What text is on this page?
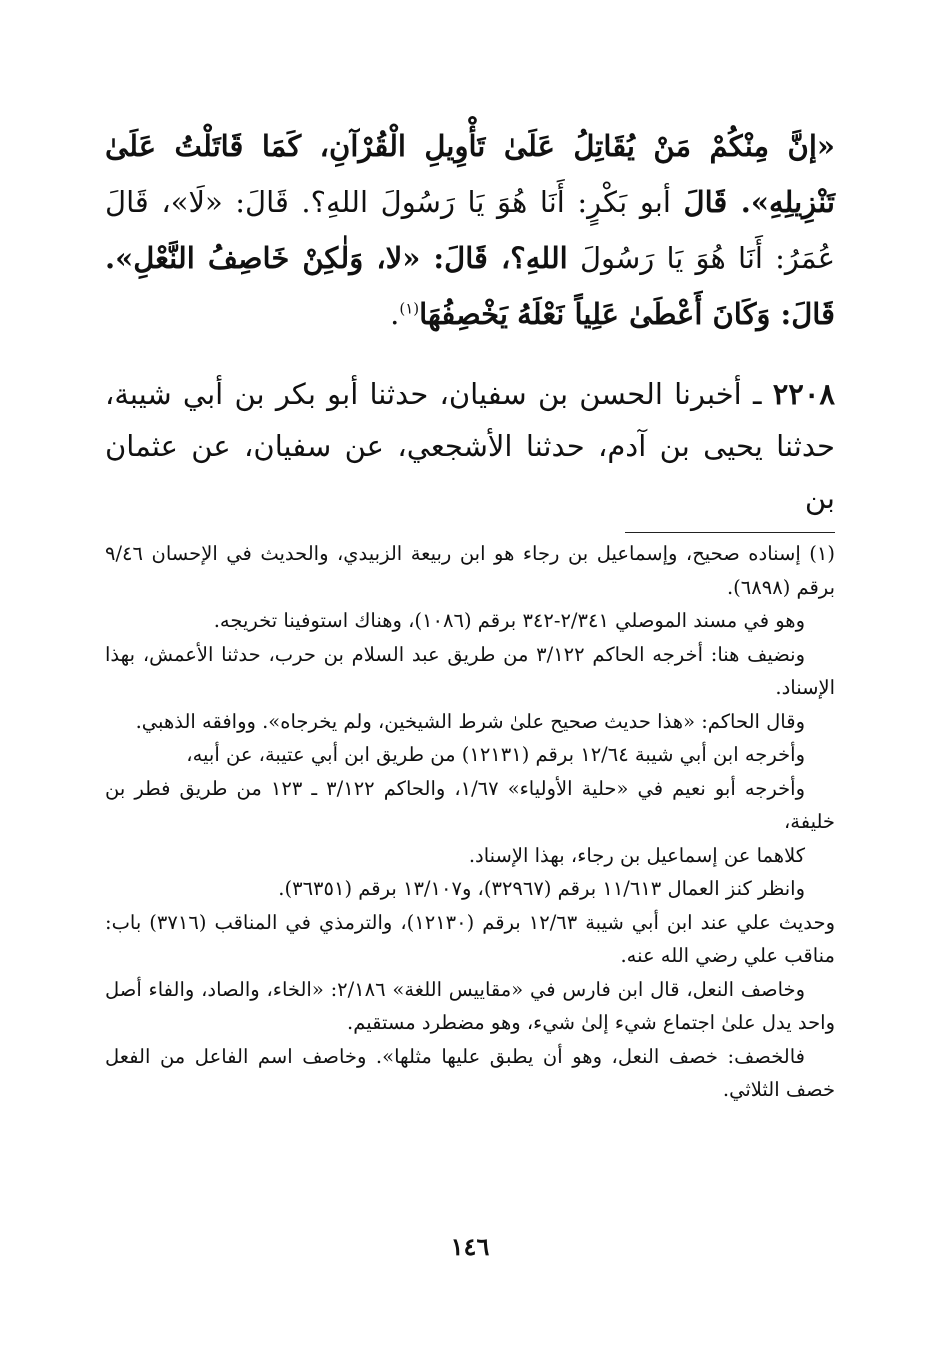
«إنَّ مِنْكُمْ مَنْ يُقَاتِلُ عَلَىٰ تَأْوِيلِ الْقُرْآنِ، كَمَا قَاتَلْتُ عَلَىٰ تَنْزِيلِهِ». قَالَ أبو بَكْرٍ: أَنَا هُوَ يَا رَسُولَ اللهِ؟. قَالَ: «لَا»، قَالَ عُمَرُ: أَنَا هُوَ يَا رَسُولَ اللهِ؟، قَالَ: «لا، وَلٰكِنْ خَاصِفُ النَّعْلِ». قَالَ: وَكَانَ أَعْطَىٰ عَلِياً نَعْلَهُ يَخْصِفُهَا$^{(١)}$.

٢٢٠٨ ـ أخبرنا الحسن بن سفيان، حدثنا أبو بكر بن أبي شيبة، حدثنا يحيى بن آدم، حدثنا الأشجعي، عن سفيان، عن عثمان بن

(١) إسناده صحيح، وإسماعيل بن رجاء هو ابن ربيعة الزبيدي، والحديث في الإحسان ٩/٤٦ برقم (٦٨٩٨).

وهو في مسند الموصلي ٢/٣٤١-٣٤٢ برقم (١٠٨٦)، وهناك استوفينا تخريجه.

ونضيف هنا: أخرجه الحاكم ٣/١٢٢ من طريق عبد السلام بن حرب، حدثنا الأعمش، بهذا الإسناد.

وقال الحاكم: «هذا حديث صحيح علىٰ شرط الشيخين، ولم يخرجاه». ووافقه الذهبي.

وأخرجه ابن أبي شيبة ١٢/٦٤ برقم (١٢١٣١) من طريق ابن أبي عتيبة، عن أبيه،

وأخرجه أبو نعيم في «حلية الأولياء» ١/٦٧، والحاكم ٣/١٢٢ ـ ١٢٣ من طريق فطر بن خليفة،

كلاهما عن إسماعيل بن رجاء، بهذا الإسناد.

وانظر كنز العمال ١١/٦١٣ برقم (٣٢٩٦٧)، و١٣/١٠٧ برقم (٣٦٣٥١).

وحديث علي عند ابن أبي شيبة ١٢/٦٣ برقم (١٢١٣٠)، والترمذي في المناقب (٣٧١٦) باب: مناقب علي رضي الله عنه.

وخاصف النعل، قال ابن فارس في «مقاييس اللغة» ٢/١٨٦: «الخاء، والصاد، والفاء أصل واحد يدل علىٰ اجتماع شيء إلىٰ شيء، وهو مضطرد مستقيم.

فالخصف: خصف النعل، وهو أن يطبق عليها مثلها». وخاصف اسم الفاعل من الفعل خصف الثلاثي.

١٤٦
